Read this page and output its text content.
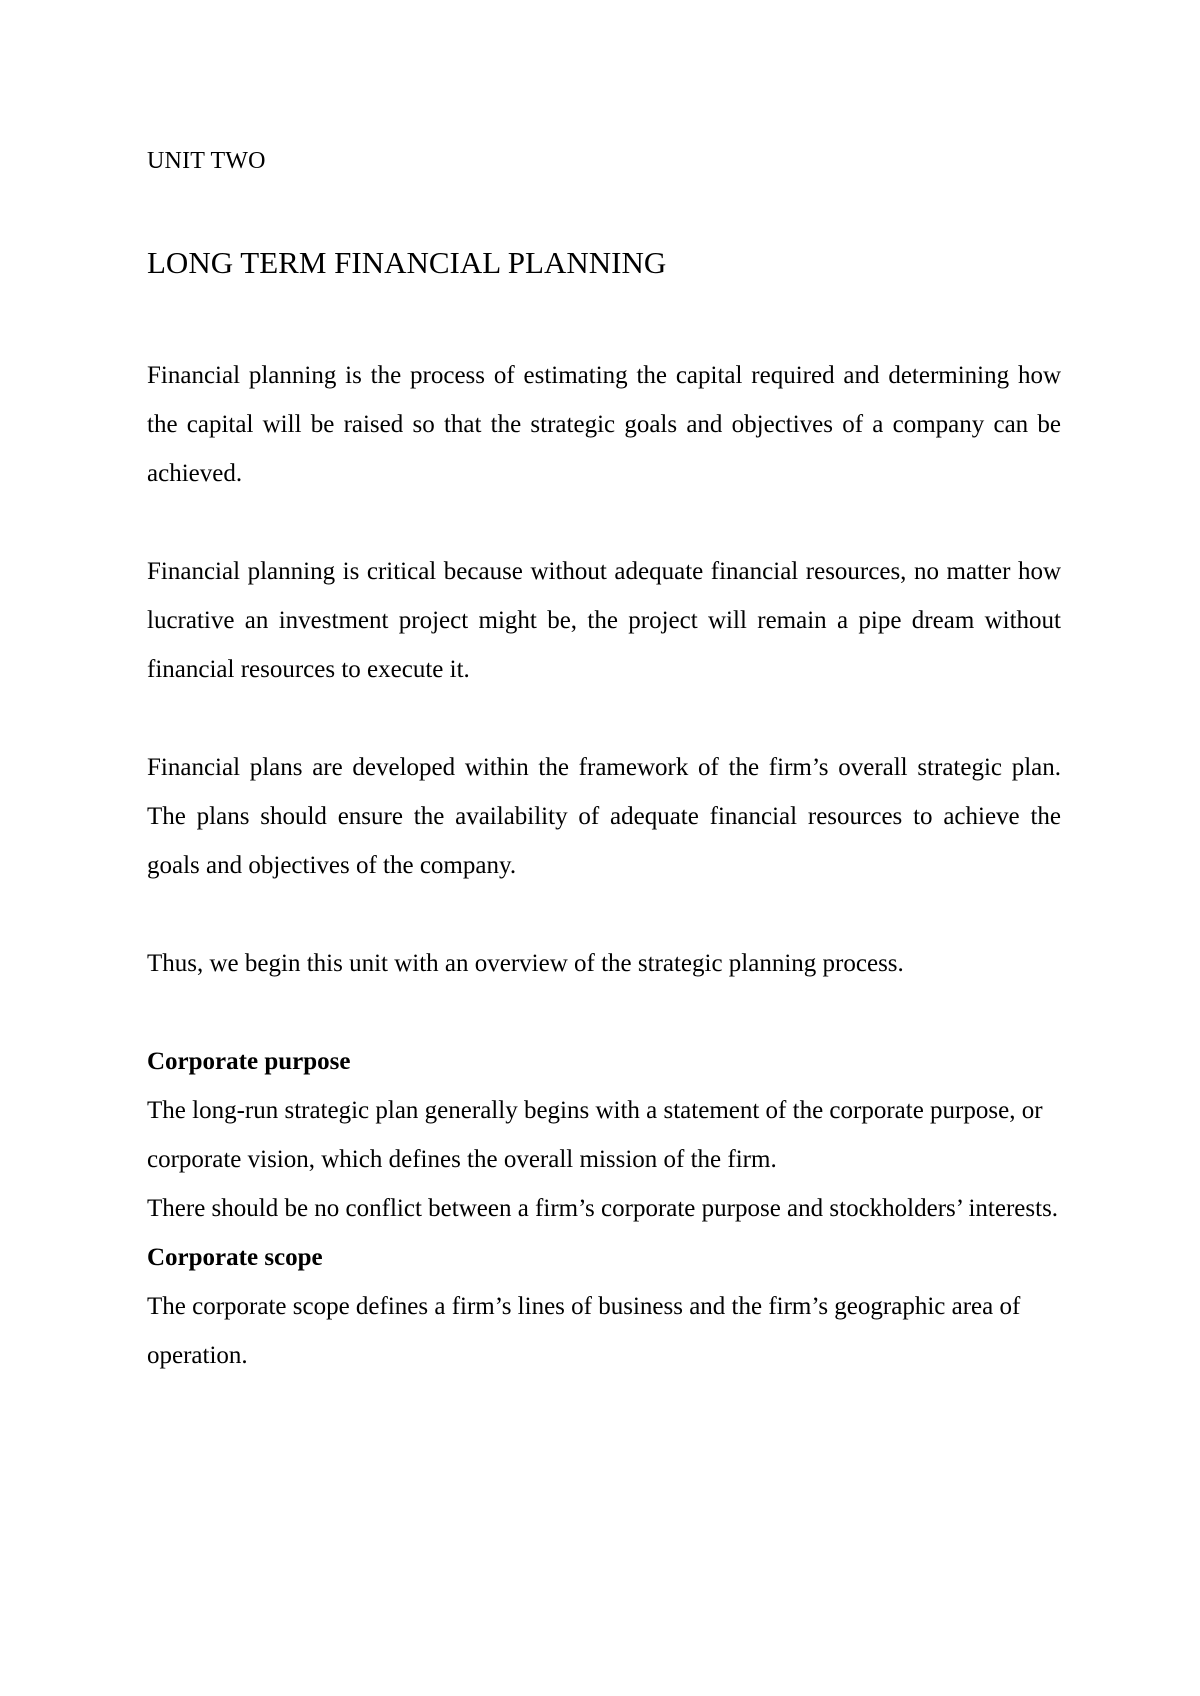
UNIT TWO
LONG TERM FINANCIAL PLANNING

Financial planning is the process of estimating the capital required and determining how the capital will be raised so that the strategic goals and objectives of a company can be achieved.

Financial planning is critical because without adequate financial resources, no matter how lucrative an investment project might be, the project will remain a pipe dream without financial resources to execute it.

Financial plans are developed within the framework of the firm’s overall strategic plan. The plans should ensure the availability of adequate financial resources to achieve the goals and objectives of the company.

Thus, we begin this unit with an overview of the strategic planning process.

Corporate purpose

The long-run strategic plan generally begins with a statement of the corporate purpose, or corporate vision, which defines the overall mission of the firm.

There should be no conflict between a firm’s corporate purpose and stockholders’ interests.

Corporate scope

The corporate scope defines a firm’s lines of business and the firm’s geographic area of operation.
